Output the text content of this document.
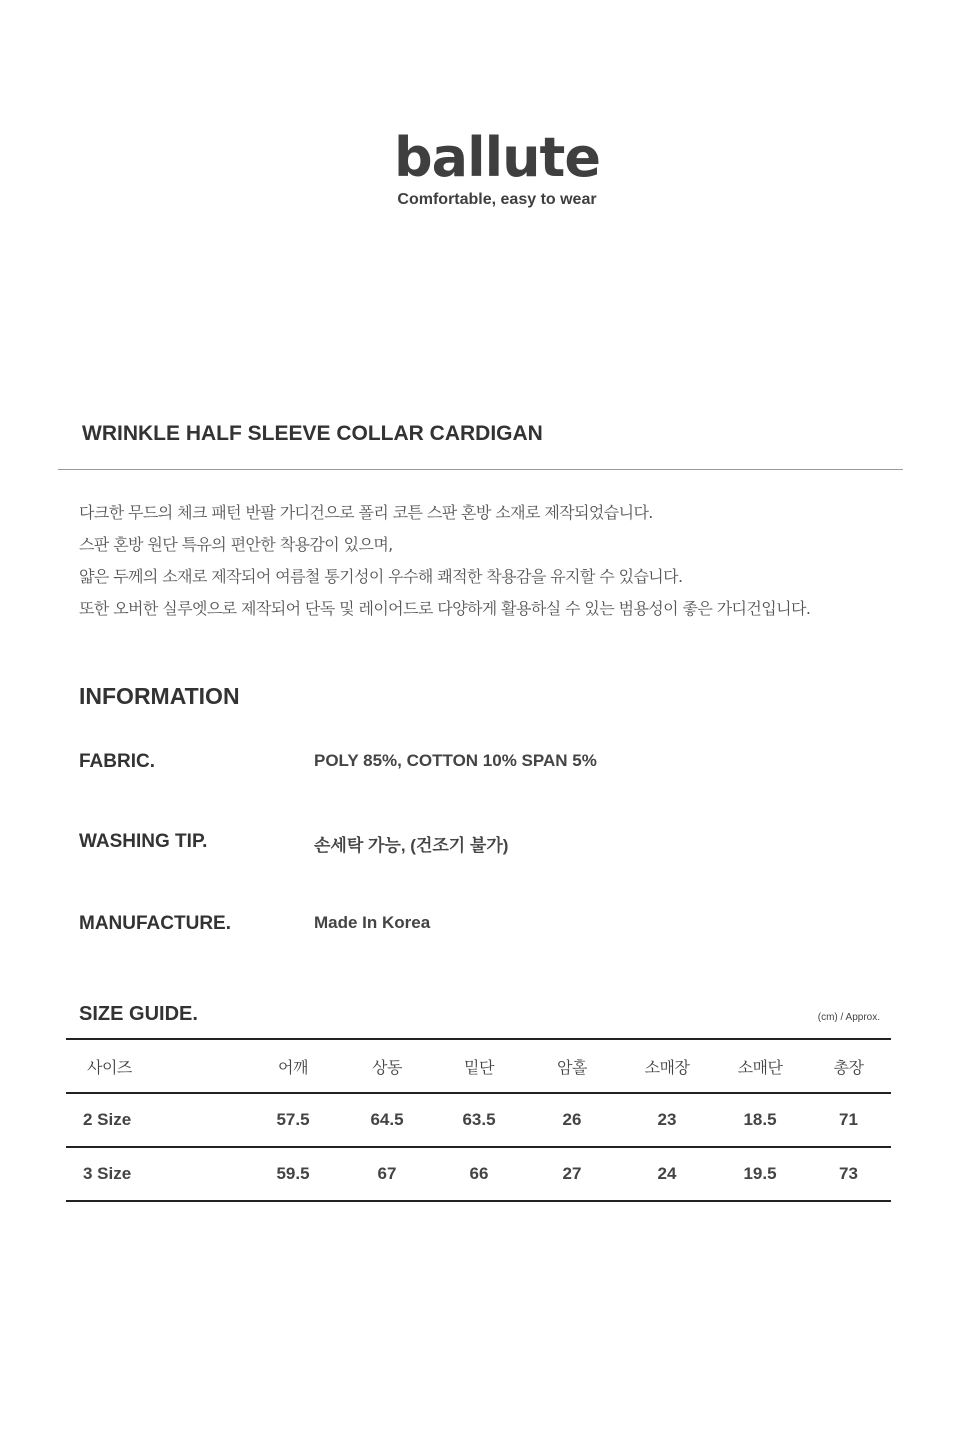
ballute
Comfortable, easy to wear
WRINKLE HALF SLEEVE COLLAR CARDIGAN
다크한 무드의 체크 패턴 반팔 가디건으로 폴리 코튼 스판 혼방 소재로 제작되었습니다.
스판 혼방 원단 특유의 편안한 착용감이 있으며,
얇은 두께의 소재로 제작되어 여름철 통기성이 우수해 쾌적한 착용감을 유지할 수 있습니다.
또한 오버한 실루엣으로 제작되어 단독 및 레이어드로 다양하게 활용하실 수 있는 범용성이 좋은 가디건입니다.
INFORMATION
FABRIC.	POLY 85%, COTTON 10% SPAN 5%
WASHING TIP.	손세탁 가능, (건조기 불가)
MANUFACTURE.	Made In Korea
SIZE GUIDE.	(cm) / Approx.
사이즈	어깨	상동	밑단	암홀	소매장	소매단	총장
2 Size	57.5	64.5	63.5	26	23	18.5	71
3 Size	59.5	67	66	27	24	19.5	73
